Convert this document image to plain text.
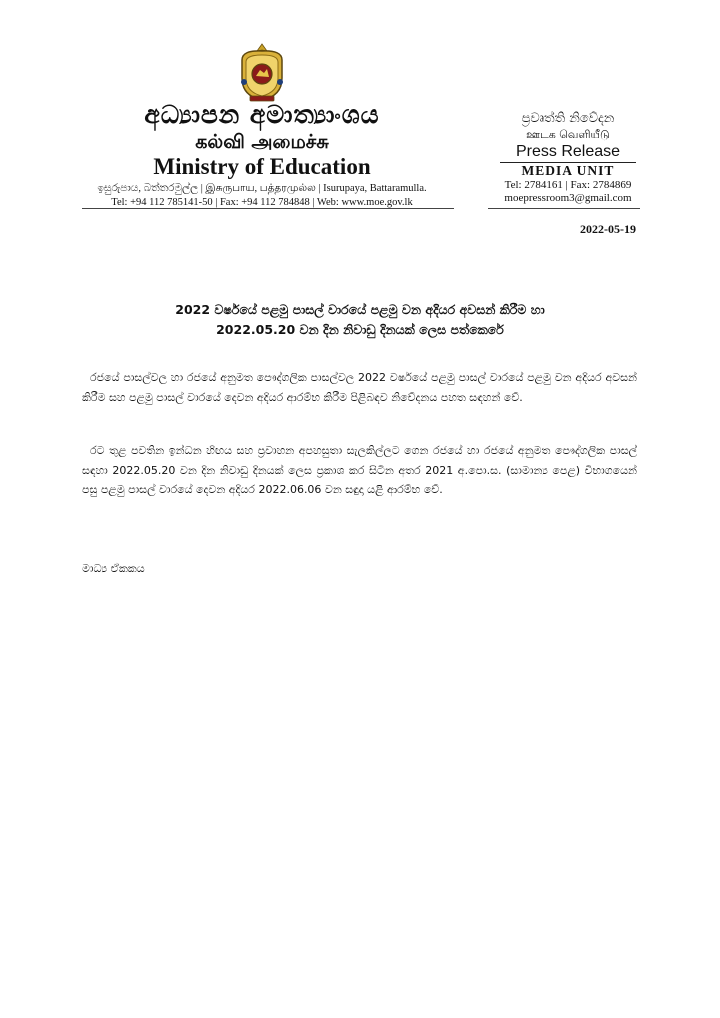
අධ්‍යාපන අමාත්‍යාංශය
கல்வி அமைச்சு
Ministry of Education
ඉසුරුපාය, බත්තරමුල්ල | இசுருபாய, பத்தரமுல்ல | Isurupaya, Battaramulla.
Tel: +94 112 785141-50 | Fax: +94 112 784848 | Web: www.moe.gov.lk
ප්‍රවෘත්ති නිවේදන
ஊடக வெளியீடு
Press Release
MEDIA UNIT
Tel: 2784161 | Fax: 2784869
moepressroom3@gmail.com
2022-05-19
2022 වර්ෂයේ පළමු පාසල් වාරයේ පළමු වන අදියර අවසන් කිරීම හා
2022.05.20 වන දින නිවාඩු දිනයක් ලෙස පත්කෙරේ

රජයේ පාසල්වල හා රජයේ අනුමත පෞද්ගලික පාසල්වල 2022 වර්ෂයේ පළමු පාසල් වාරයේ පළමු වන අදියර අවසන් කිරීම සහ පළමු පාසල් වාරයේ දෙවන අදියර ආරම්භ කිරීම පිළිබඳව නිවේදනය පහත සඳහන් වේ.

රට තුළ පවතින ඉන්ධන හිඟය සහ ප්‍රවාහන අපහසුතා සැලකිල්ලට ගෙන රජයේ හා රජයේ අනුමත පෞද්ගලික පාසල් සඳහා 2022.05.20 වන දින නිවාඩු දිනයක් ලෙස ප්‍රකාශ කර සිටින අතර 2021 අ.පො.ස. (සාමාන්‍ය පෙළ) විභාගයෙන් පසු පළමු පාසල් වාරයේ දෙවන අදියර 2022.06.06 වන සඳුදා යළි ආරම්භ වේ.

මාධ්‍ය ඒකකය
